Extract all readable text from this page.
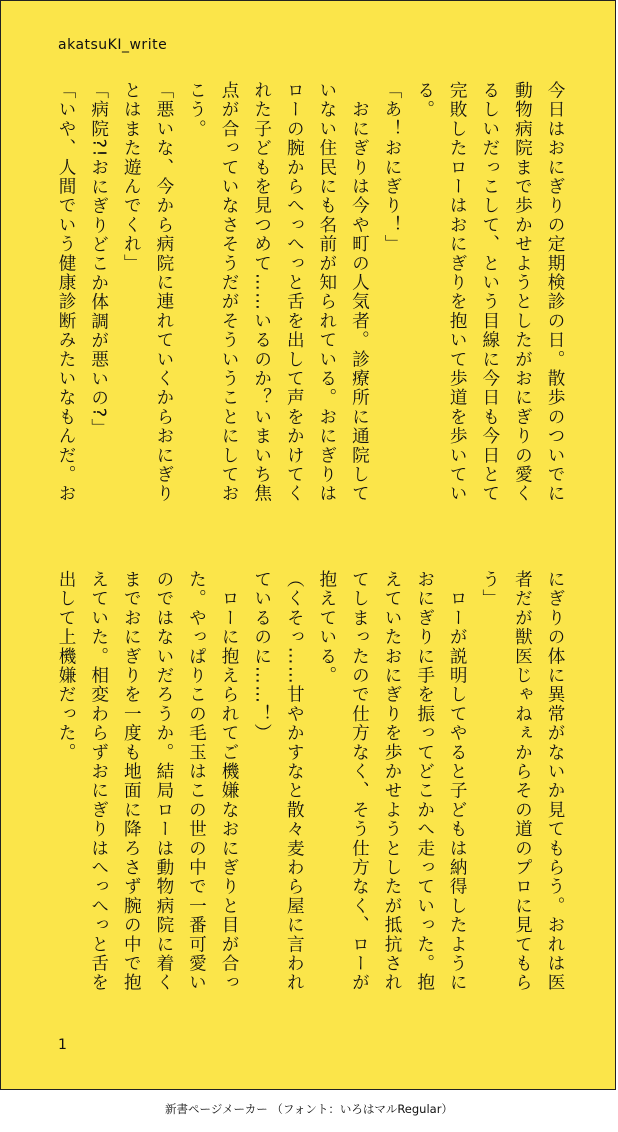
akatsuKI_write

今日はおにぎりの定期検診の日。散歩のついでに動物病院まで歩かせようとしたがおにぎりの愛くるしいだっこして、という目線に今日も今日とて完敗したローはおにぎりを抱いて歩道を歩いている。

「あ！おにぎり！」

　おにぎりは今や町の人気者。診療所に通院していない住民にも名前が知られている。おにぎりはローの腕からへっへっと舌を出して声をかけてくれた子どもを見つめて……いるのか？いまいち焦点が合っていなさそうだがそういうことにしておこう。

「悪いな、今から病院に連れていくからおにぎりとはまた遊んでくれ」

「病院?!おにぎりどこか体調が悪いの?」

「いや、人間でいう健康診断みたいなもんだ。お

にぎりの体に異常がないか見てもらう。おれは医者だが獣医じゃねぇからその道のプロに見てもらう」

　ローが説明してやると子どもは納得したようにおにぎりに手を振ってどこかへ走っていった。抱えていたおにぎりを歩かせようとしたが抵抗されてしまったので仕方なく、そう仕方なく、ローが抱えている。

（くそっ……甘やかすなと散々麦わら屋に言われているのに……！）

　ローに抱えられてご機嫌なおにぎりと目が合った。やっぱりこの毛玉はこの世の中で一番可愛いのではないだろうか。結局ローは動物病院に着くまでおにぎりを一度も地面に降ろさず腕の中で抱えていた。相変わらずおにぎりはへっへっと舌を出して上機嫌だった。

1
新書ページメーカー （フォント：いろはマルRegular）
